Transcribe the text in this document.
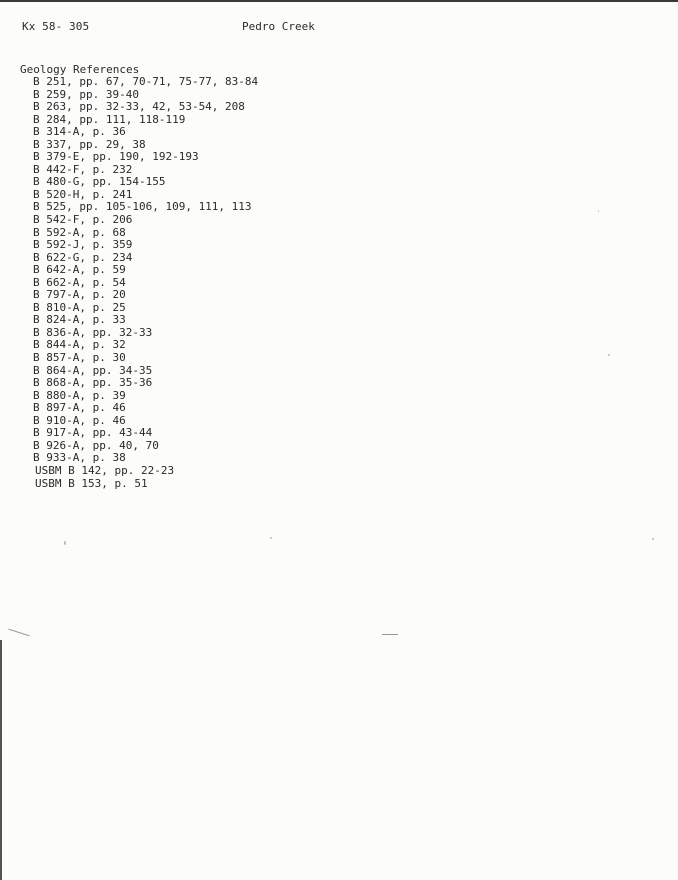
Kx 58- 305	Pedro Creek
Geology References
B 251, pp. 67, 70-71, 75-77, 83-84
B 259, pp. 39-40
B 263, pp. 32-33, 42, 53-54, 208
B 284, pp. 111, 118-119
B 314-A, p. 36
B 337, pp. 29, 38
B 379-E, pp. 190, 192-193
B 442-F, p. 232
B 480-G, pp. 154-155
B 520-H, p. 241
B 525, pp. 105-106, 109, 111, 113
B 542-F, p. 206
B 592-A, p. 68
B 592-J, p. 359
B 622-G, p. 234
B 642-A, p. 59
B 662-A, p. 54
B 797-A, p. 20
B 810-A, p. 25
B 824-A, p. 33
B 836-A, pp. 32-33
B 844-A, p. 32
B 857-A, p. 30
B 864-A, pp. 34-35
B 868-A, pp. 35-36
B 880-A, p. 39
B 897-A, p. 46
B 910-A, p. 46
B 917-A, pp. 43-44
B 926-A, pp. 40, 70
B 933-A, p. 38
USBM B 142, pp. 22-23
USBM B 153, p. 51
